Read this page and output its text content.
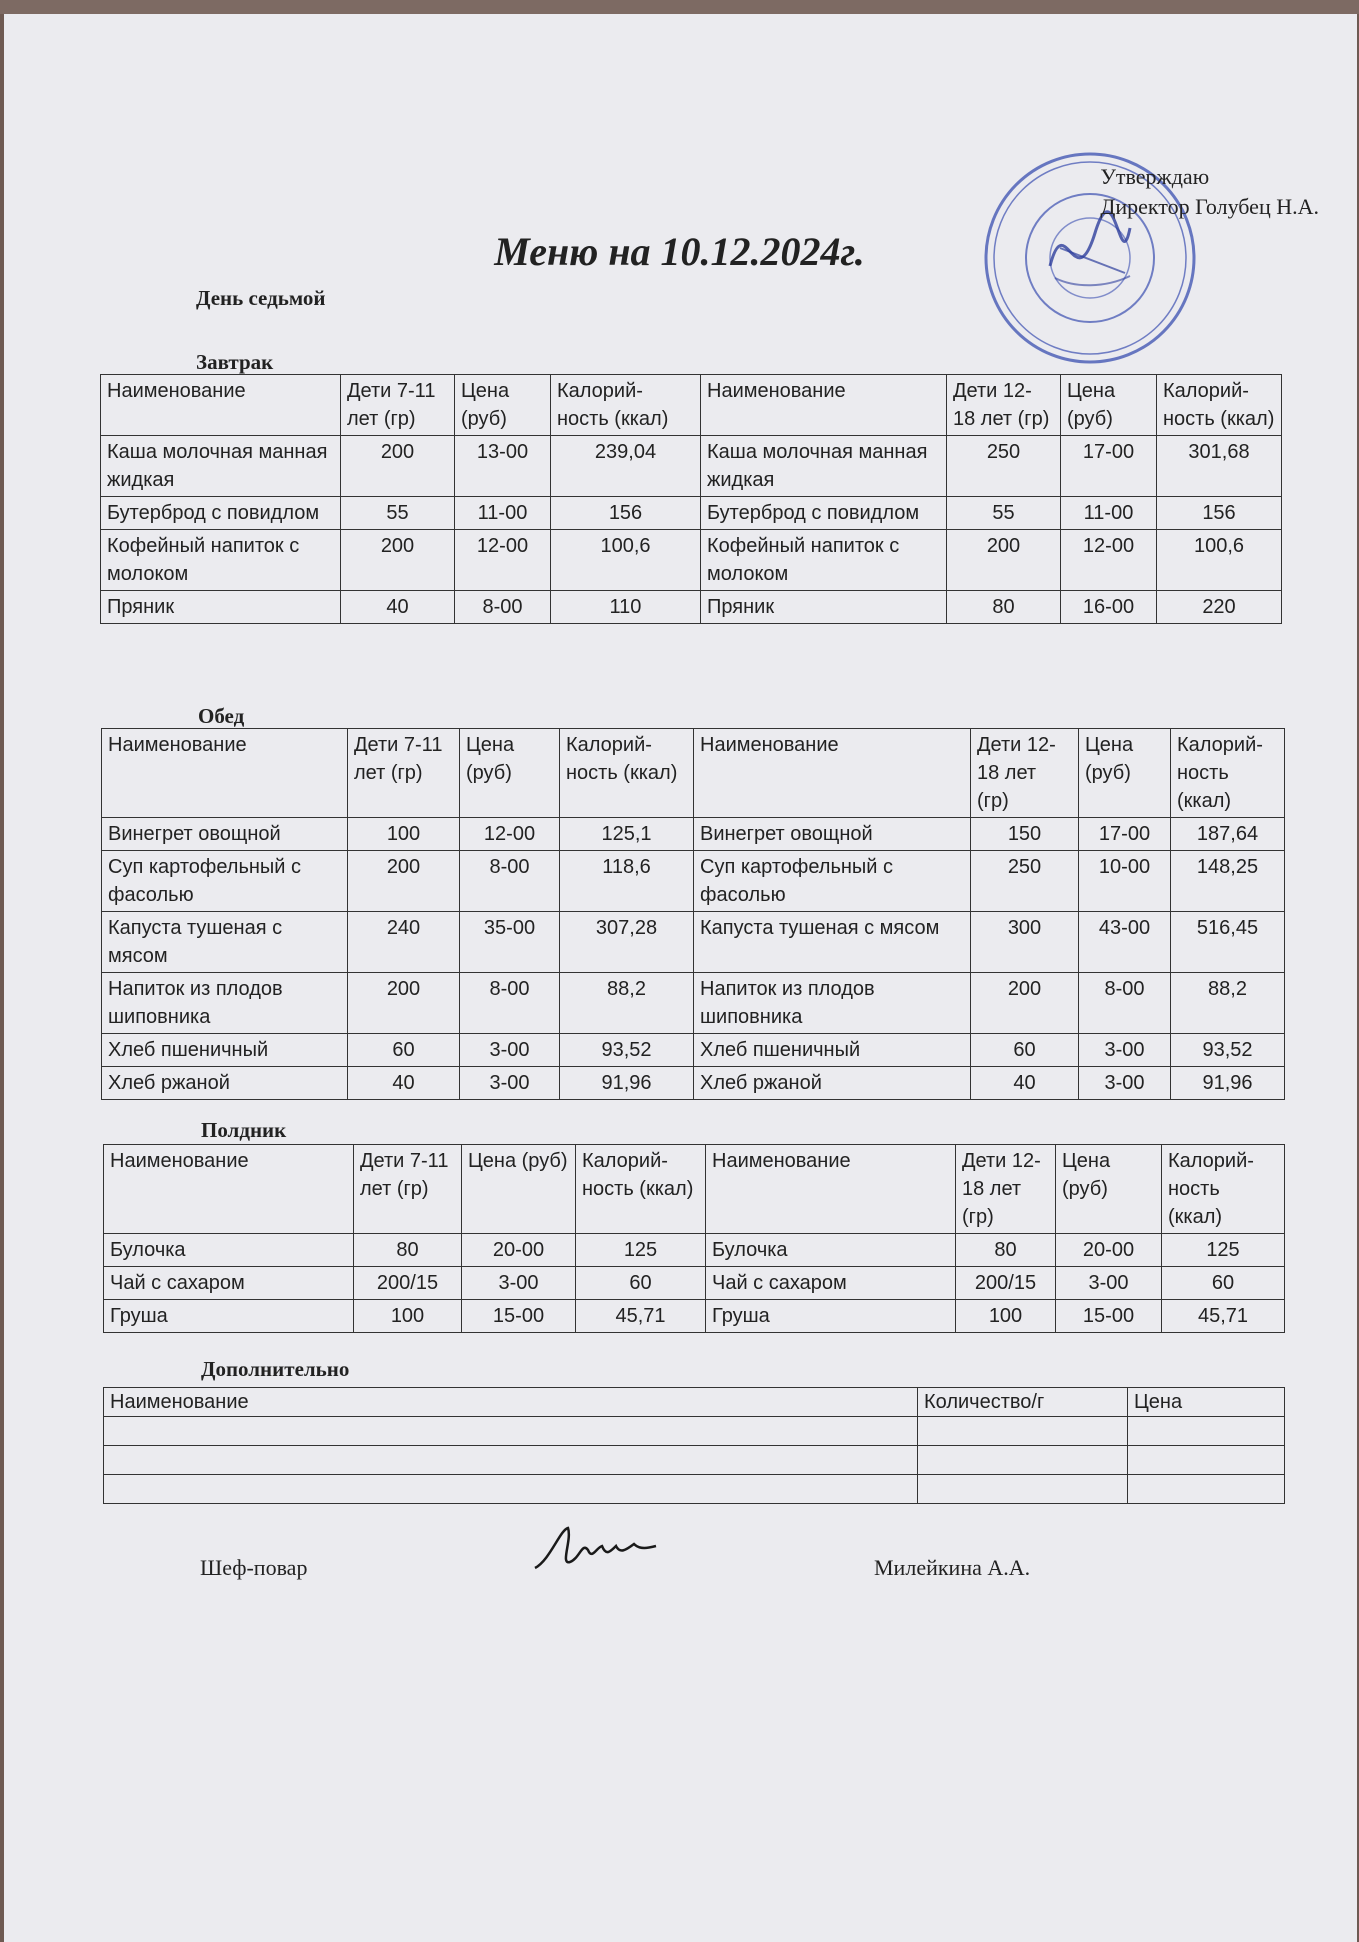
Утверждаю
Директор Голубец Н.А.
Меню на 10.12.2024г.
День седьмой
Завтрак
Наименование	Дети 7-11 лет (гр)	Цена (руб)	Калорий-ность (ккал)	Наименование	Дети 12-18 лет (гр)	Цена (руб)	Калорий-ность (ккал)
Каша молочная манная жидкая	200	13-00	239,04	Каша молочная манная жидкая	250	17-00	301,68
Бутерброд с повидлом	55	11-00	156	Бутерброд с повидлом	55	11-00	156
Кофейный напиток с молоком	200	12-00	100,6	Кофейный напиток с молоком	200	12-00	100,6
Пряник	40	8-00	110	Пряник	80	16-00	220
Обед
Наименование	Дети 7-11 лет (гр)	Цена (руб)	Калорий-ность (ккал)	Наименование	Дети 12-18 лет (гр)	Цена (руб)	Калорий-ность (ккал)
Винегрет овощной	100	12-00	125,1	Винегрет овощной	150	17-00	187,64
Суп картофельный с фасолью	200	8-00	118,6	Суп картофельный с фасолью	250	10-00	148,25
Капуста тушеная с мясом	240	35-00	307,28	Капуста тушеная с мясом	300	43-00	516,45
Напиток из плодов шиповника	200	8-00	88,2	Напиток из плодов шиповника	200	8-00	88,2
Хлеб пшеничный	60	3-00	93,52	Хлеб пшеничный	60	3-00	93,52
Хлеб ржаной	40	3-00	91,96	Хлеб ржаной	40	3-00	91,96
Полдник
Наименование	Дети 7-11 лет (гр)	Цена (руб)	Калорий-ность (ккал)	Наименование	Дети 12-18 лет (гр)	Цена (руб)	Калорий-ность (ккал)
Булочка	80	20-00	125	Булочка	80	20-00	125
Чай с сахаром	200/15	3-00	60	Чай с сахаром	200/15	3-00	60
Груша	100	15-00	45,71	Груша	100	15-00	45,71
Дополнительно
Наименование	Количество/г	Цена

Шеф-повар	Милейкина А.А.
